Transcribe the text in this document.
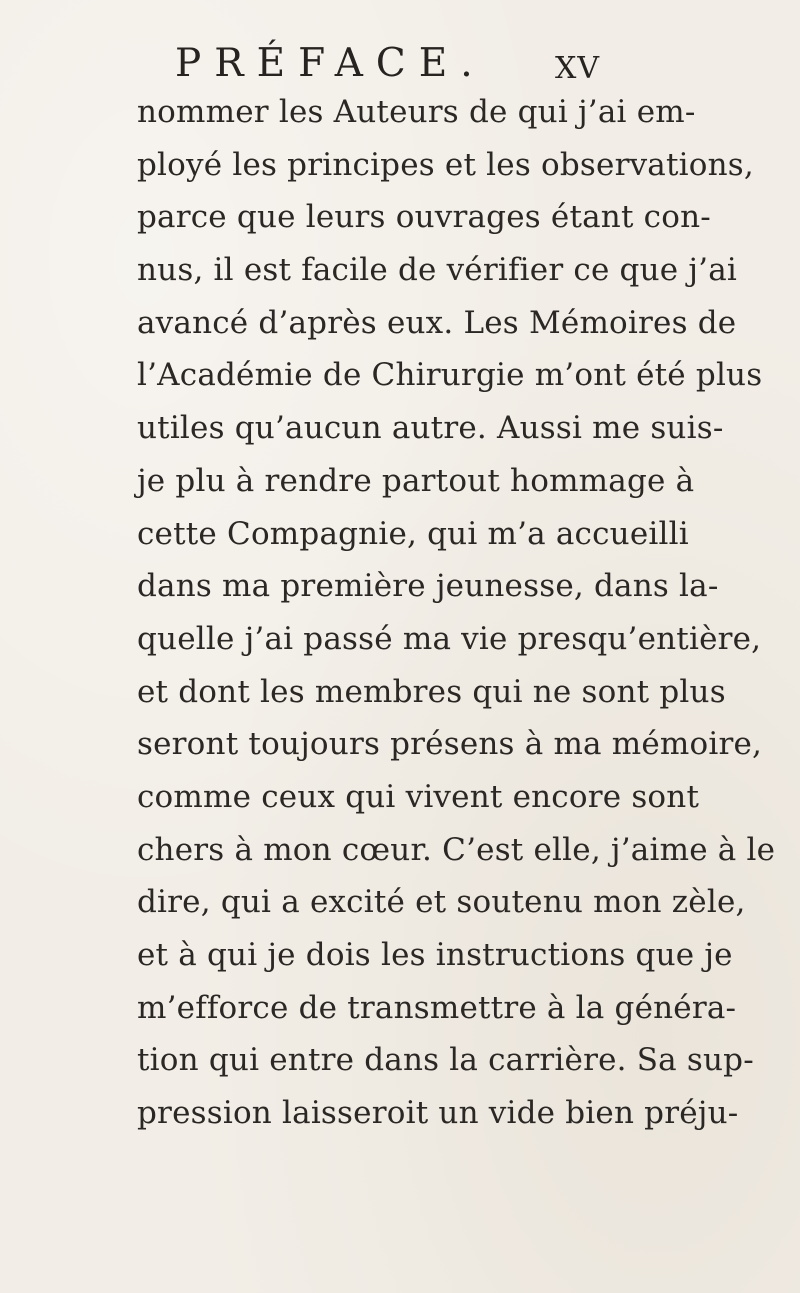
PRÉFACE. XV
nommer les Auteurs de qui j’ai em-
ployé les principes et les observations,
parce que leurs ouvrages étant con-
nus, il est facile de vérifier ce que j’ai
avancé d’après eux. Les Mémoires de
l’Académie de Chirurgie m’ont été plus
utiles qu’aucun autre. Aussi me suis-
je plu à rendre partout hommage à
cette Compagnie, qui m’a accueilli
dans ma première jeunesse, dans la-
quelle j’ai passé ma vie presqu’entière,
et dont les membres qui ne sont plus
seront toujours présens à ma mémoire,
comme ceux qui vivent encore sont
chers à mon cœur. C’est elle, j’aime à le
dire, qui a excité et soutenu mon zèle,
et à qui je dois les instructions que je
m’efforce de transmettre à la généra-
tion qui entre dans la carrière. Sa sup-
pression laisseroit un vide bien préju-
